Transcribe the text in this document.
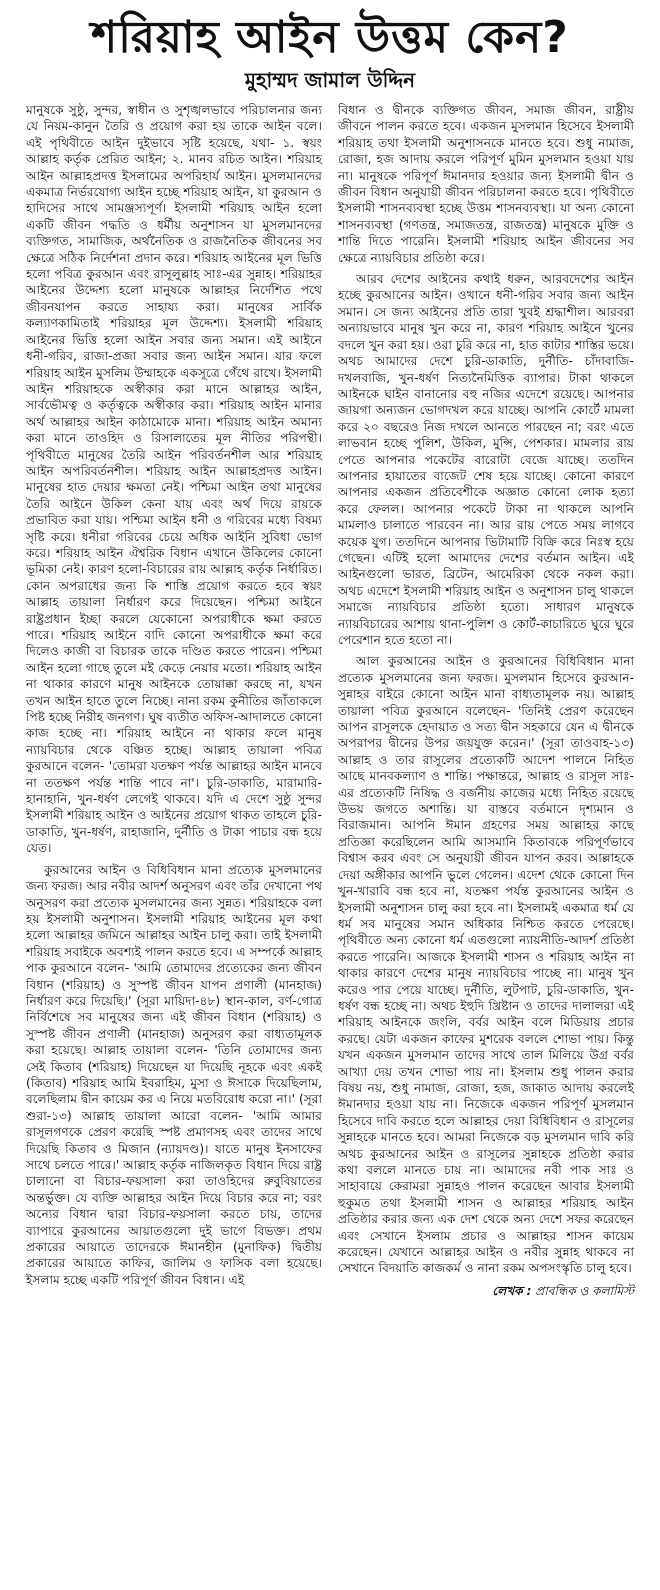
শরিয়াহ আইন উত্তম কেন?
মুহাম্মদ জামাল উদ্দিন

মানুষকে সুষ্ঠু, সুন্দর, স্বাধীন ও সুশৃঙ্খলভাবে পরিচালনার জন্য যে নিয়ম-কানুন তৈরি ও প্রয়োগ করা হয় তাকে আইন বলে। এই পৃথিবীতে আইন দুইভাবে সৃষ্টি হয়েছে, যথা- ১. স্বয়ং আল্লাহ কর্তৃক প্রেরিত আইন; ২. মানব রচিত আইন। শরিয়াহ আইন আল্লাহপ্রদত্ত ইসলামের অপরিহার্য আইন। মুসলমানদের একমাত্র নির্ভরযোগ্য আইন হচ্ছে শরিয়াহ আইন, যা কুরআন ও হাদিসের সাথে সামঞ্জস্যপূর্ণ। ইসলামী শরিয়াহ আইন হলো একটি জীবন পদ্ধতি ও ধর্মীয় অনুশাসন যা মুসলমানদের ব্যক্তিগত, সামাজিক, অর্থনৈতিক ও রাজনৈতিক জীবনের সব ক্ষেত্রে সঠিক নির্দেশনা প্রদান করে। শরিয়াহ আইনের মূল ভিত্তি হলো পবিত্র কুরআন এবং রাসূলুল্লাহ সাঃ-এর সুন্নাহ। শরিয়াহর আইনের উদ্দেশ্য হলো মানুষকে আল্লাহর নির্দেশিত পথে জীবনযাপন করতে সাহায্য করা। মানুষের সার্বিক কল্যাণকামিতাই শরিয়াহর মূল উদ্দেশ্য। ইসলামী শরিয়াহ আইনের ভিত্তি হলো আইন সবার জন্য সমান। এই আইনে ধনী-গরিব, রাজা-প্রজা সবার জন্য আইন সমান। যার ফলে শরিয়াহ আইন মুসলিম উম্মাহকে একসূত্রে গেঁথে রাখে। ইসলামী আইন শরিয়াহকে অস্বীকার করা মানে আল্লাহর আইন, সার্বভৌমত্ব ও কর্তৃত্বকে অস্বীকার করা। শরিয়াহ আইন মানার অর্থ আল্লাহর আইন কাঠামোকে মানা। শরিয়াহ আইন অমান্য করা মানে তাওহিদ ও রিসালাতের মূল নীতির পরিপন্থী। পৃথিবীতে মানুষের তৈরি আইন পরিবর্তনশীল আর শরিয়াহ আইন অপরিবর্তনশীল। শরিয়াহ আইন আল্লাহপ্রদত্ত আইন। মানুষের হাত দেয়ার ক্ষমতা নেই। পশ্চিমা আইন তথা মানুষের তৈরি আইনে উকিল কেনা যায় এবং অর্থ দিয়ে রায়কে প্রভাবিত করা যায়। পশ্চিমা আইন ধনী ও গরিবের মধ্যে বিষম্য সৃষ্টি করে। ধনীরা গরিবের চেয়ে অধিক আইনি সুবিধা ভোগ করে। শরিয়াহ আইন ঐশ্বরিক বিধান এখানে উকিলের কোনো ভূমিকা নেই। কারণ হলো-বিচারের রায় আল্লাহ কর্তৃক নির্ধারিত। কোন অপরাধের জন্য কি শাস্তি প্রয়োগ করতে হবে স্বয়ং আল্লাহ তায়ালা নির্ধারণ করে দিয়েছেন। পশ্চিমা আইনে রাষ্ট্রপ্রধান ইচ্ছা করলে যেকোনো অপরাধীকে ক্ষমা করতে পারে। শরিয়াহ আইনে বাদি কোনো অপরাধীকে ক্ষমা করে দিলেও কাজী বা বিচারক তাকে দণ্ডিত করতে পারেন। পশ্চিমা আইন হলো গাছে তুলে মই কেড়ে নেয়ার মতো। শরিয়াহ আইন না থাকার কারণে মানুষ আইনকে তোয়াক্কা করছে না, যখন তখন আইন হাতে তুলে নিচ্ছে। নানা রকম কুনীতির জাঁতাকলে পিষ্ট হচ্ছে নিরীহ জনগণ। ঘুষ ব্যতীত অফিস-আদালতে কোনো কাজ হচ্ছে না। শরিয়াহ আইনে না থাকার ফলে মানুষ ন্যায়বিচার থেকে বঞ্চিত হচ্ছে। আল্লাহ তায়ালা পবিত্র কুরআনে বলেন- 'তোমরা যতক্ষণ পর্যন্ত আল্লাহর আইন মানবে না ততক্ষণ পর্যন্ত শান্তি পাবে না'। চুরি-ডাকাতি, মারামারি-হানাহানি, খুন-ধর্ষণ লেগেই থাকবে। যদি এ দেশে সুষ্ঠু সুন্দর ইসলামী শরিয়াহ আইন ও আইনের প্রয়োগ থাকত তাহলে চুরি-ডাকাতি, খুন-ধর্ষণ, রাহাজানি, দুর্নীতি ও টাকা পাচার বন্ধ হয়ে যেত।

কুরআনের আইন ও বিধিবিধান মানা প্রত্যেক মুসলমানের জন্য ফরজ। আর নবীর আদর্শ অনুসরণ এবং তাঁর দেখানো পথ অনুসরণ করা প্রত্যেক মুসলমানের জন্য সুন্নত। শরিয়াহকে বলা হয় ইসলামী অনুশাসন। ইসলামী শরিয়াহ আইনের মূল কথা হলো আল্লাহর জমিনে আল্লাহর আইন চালু করা। তাই ইসলামী শরিয়াহ সবাইকে অবশ্যই পালন করতে হবে। এ সম্পর্কে আল্লাহ পাক কুরআনে বলেন- 'আমি তোমাদের প্রত্যেকের জন্য জীবন বিধান (শরিয়াহ) ও সুস্পষ্ট জীবন যাপন প্রণালী (মানহাজ) নির্ধারণ করে দিয়েছি।' (সূরা মায়িদা-৪৮) স্থান-কাল, বর্ণ-গোত্র নির্বিশেষে সব মানুষের জন্য এই জীবন বিধান (শরিয়াহ) ও সুস্পষ্ট জীবন প্রণালী (মানহাজ) অনুসরণ করা বাধ্যতামূলক করা হয়েছে। আল্লাহ তায়ালা বলেন- 'তিনি তোমাদের জন্য সেই কিতাব (শরিয়াহ) দিয়েছেন যা দিয়েছি নূহকে এবং একই (কিতাব) শরিয়াহ আমি ইবরাহিম, মুসা ও ঈসাকে দিয়েছিলাম, বলেছিলাম দ্বীন কায়েম কর এ নিয়ে মতবিরোধ করো না।' (সূরা শুরা-১৩) আল্লাহ তায়ালা আরো বলেন- 'আমি আমার রাসূলগণকে প্রেরণ করেছি স্পষ্ট প্রমাণসহ এবং তাদের সাথে দিয়েছি কিতাব ও মিজান (ন্যায়দণ্ড)। যাতে মানুষ ইনসাফের সাথে চলতে পারে।' আল্লাহ কর্তৃক নাজিলকৃত বিধান দিয়ে রাষ্ট্র চালানো বা বিচার-ফয়সালা করা তাওহিদের রুবুবিয়াতের অন্তর্ভুক্ত। যে ব্যক্তি আল্লাহর আইন দিয়ে বিচার করে না; বরং অন্যের বিধান দ্বারা বিচার-ফয়সালা করতে চায়, তাদের ব্যাপারে কুরআনের আয়াতগুলো দুই ভাগে বিভক্ত। প্রথম প্রকারের আয়াতে তাদেরকে ঈমানহীন (মুনাফিক) দ্বিতীয় প্রকারের আয়াতে কাফির, জালিম ও ফাসিক বলা হয়েছে। ইসলাম হচ্ছে একটি পরিপূর্ণ জীবন বিধান। এই

বিধান ও দ্বীনকে ব্যক্তিগত জীবন, সমাজ জীবন, রাষ্ট্রীয় জীবনে পালন করতে হবে। একজন মুসলমান হিসেবে ইসলামী শরিয়াহ তথা ইসলামী অনুশাসনকে মানতে হবে। শুধু নামাজ, রোজা, হজ আদায় করলে পরিপূর্ণ মুমিন মুসলমান হওয়া যায় না। মানুষকে পরিপূর্ণ ঈমানদার হওয়ার জন্য ইসলামী দ্বীন ও জীবন বিধান অনুযায়ী জীবন পরিচালনা করতে হবে। পৃথিবীতে ইসলামী শাসনব্যবস্থা হচ্ছে উত্তম শাসনব্যবস্থা। যা অন্য কোনো শাসনব্যবস্থা (গণতন্ত্র, সমাজতন্ত্র, রাজতন্ত্র) মানুষকে মুক্তি ও শান্তি দিতে পারেনি। ইসলামী শরিয়াহ আইন জীবনের সব ক্ষেত্রে ন্যায়বিচার প্রতিষ্ঠা করে।

আরব দেশের আইনের কথাই ধরুন, আরবদেশের আইন হচ্ছে কুরআনের আইন। ওখানে ধনী-গরিব সবার জন্য আইন সমান। সে জন্য আইনের প্রতি তারা খুবই শ্রদ্ধাশীল। আরবরা অন্যায়ভাবে মানুষ খুন করে না, কারণ শরিয়াহ আইনে খুনের বদলে খুন করা হয়। ওরা চুরি করে না, হাত কাটার শাস্তির ভয়ে। অথচ আমাদের দেশে চুরি-ডাকাতি, দুর্নীতি- চাঁদাবাজি-দখলবাজি, খুন-ধর্ষণ নিত্যনৈমিত্তিক ব্যাপার। টাকা থাকলে আইনকে ঘাইন বানানোর বহু নজির এদেশে রয়েছে। আপনার জায়গা অন্যজন ভোগদখল করে যাচ্ছে। আপনি কোর্টে মামলা করে ২০ বছরেও নিজ দখলে আনতে পারছেন না; বরং এতে লাভবান হচ্ছে পুলিশ, উকিল, মুন্সি, পেশকার। মামলার রায় পেতে আপনার পকেটের বারোটা বেজে যাচ্ছে। ততদিন আপনার হায়াতের বাজেট শেষ হয়ে যাচ্ছে। কোনো কারণে আপনার একজন প্রতিবেশীকে অজ্ঞাত কোনো লোক হত্যা করে ফেলল। আপনার পকেটে টাকা না থাকলে আপনি মামলাও চালাতে পারবেন না। আর রায় পেতে সময় লাগবে কয়েক যুগ। ততদিনে আপনার ভিটামাটি বিক্রি করে নিঃস্ব হয়ে গেছেন। এটিই হলো আমাদের দেশের বর্তমান আইন। এই আইনগুলো ভারত, ব্রিটেন, আমেরিকা থেকে নকল করা। অথচ এদেশে ইসলামী শরিয়াহ আইন ও অনুশাসন চালু থাকলে সমাজে ন্যায়বিচার প্রতিষ্ঠা হতো। সাধারণ মানুষকে ন্যায়বিচারের আশায় থানা-পুলিশ ও কোর্ট-কাচারিতে ঘুরে ঘুরে পেরেশান হতে হতো না।

আল কুরআনের আইন ও কুরআনের বিধিবিধান মানা প্রত্যেক মুসলমানের জন্য ফরজ। মুসলমান হিসেবে কুরআন-সুন্নাহর বাইরে কোনো আইন মানা বাধ্যতামূলক নয়। আল্লাহ তায়ালা পবিত্র কুরআনে বলেছেন- 'তিনিই প্রেরণ করেছেন আপন রাসূলকে হেদায়াত ও সত্য দ্বীন সহকারে যেন এ দ্বীনকে অপরাপর দ্বীনের উপর জয়যুক্ত করেন।' (সূরা তাওবাহ-১৩) আল্লাহ ও তার রাসূলের প্রত্যেকটি আদেশ পালনে নিহিত আছে মানবকল্যাণ ও শান্তি। পক্ষান্তরে, আল্লাহ ও রাসূল সাঃ-এর প্রত্যেকটি নিষিদ্ধ ও বর্জনীয় কাজের মধ্যে নিহিত রয়েছে উভয় জগতে অশান্তি। যা বাস্তবে বর্তমানে দৃশ্যমান ও বিরাজমান। আপনি ঈমান গ্রহণের সময় আল্লাহর কাছে প্রতিজ্ঞা করেছিলেন আমি আসমানি কিতাবকে পরিপূর্ণভাবে বিশ্বাস করব এবং সে অনুযায়ী জীবন যাপন করব। আল্লাহকে দেয়া অঙ্গীকার আপনি ভুলে গেলেন। এদেশ থেকে কোনো দিন খুন-খারাবি বন্ধ হবে না, যতক্ষণ পর্যন্ত কুরআনের আইন ও ইসলামী অনুশাসন চালু করা হবে না। ইসলামই একমাত্র ধর্ম যে ধর্ম সব মানুষের সমান অধিকার নিশ্চিত করতে পেরেছে। পৃথিবীতে অন্য কোনো ধর্ম এতগুলো ন্যায়নীতি-আদর্শ প্রতিষ্ঠা করতে পারেনি। আজকে ইসলামী শাসন ও শরিয়াহ আইন না থাকার কারণে দেশের মানুষ ন্যায়বিচার পাচ্ছে না। মানুষ খুন করেও পার পেয়ে যাচ্ছে। দুর্নীতি, লুটপাট, চুরি-ডাকাতি, খুন-ধর্ষণ বন্ধ হচ্ছে না। অথচ ইহুদি খ্রিষ্টান ও তাদের দালালরা এই শরিয়াহ আইনকে জংলি, বর্বর আইন বলে মিডিয়ায় প্রচার করছে। যেটা একজন কাফের মুশরেক বললে শোভা পায়। কিন্তু যখন একজন মুসলমান তাদের সাথে তাল মিলিয়ে উগ্র বর্বর আখ্যা দেয় তখন শোভা পায় না। ইসলাম শুধু পালন করার বিষয় নয়, শুধু নামাজ, রোজা, হজ, জাকাত আদায় করলেই ঈমানদার হওয়া যায় না। নিজেকে একজন পরিপূর্ণ মুসলমান হিসেবে দাবি করতে হলে আল্লাহর দেয়া বিধিবিধান ও রাসূলের সুন্নাহকে মানতে হবে। আমরা নিজেকে বড় মুসলমান দাবি করি অথচ কুরআনের আইন ও রাসূলের সুন্নাহকে প্রতিষ্ঠা করার কথা বললে মানতে চায় না। আমাদের নবী পাক সাঃ ও সাহাবায়ে কেরামরা সুন্নাহও পালন করেছেন আবার ইসলামী হুকুমত তথা ইসলামী শাসন ও আল্লাহর শরিয়াহ আইন প্রতিষ্ঠার করার জন্য এক দেশ থেকে অন্য দেশে সফর করেছেন এবং সেখানে ইসলাম প্রচার ও আল্লাহর শাসন কায়েম করেছেন। যেখানে আল্লাহর আইন ও নবীর সুন্নাহ থাকবে না সেখানে বিদয়াতি কাজকর্ম ও নানা রকম অপসংস্কৃতি চালু হবে।

লেখক : প্রাবন্ধিক ও কলামিস্ট
